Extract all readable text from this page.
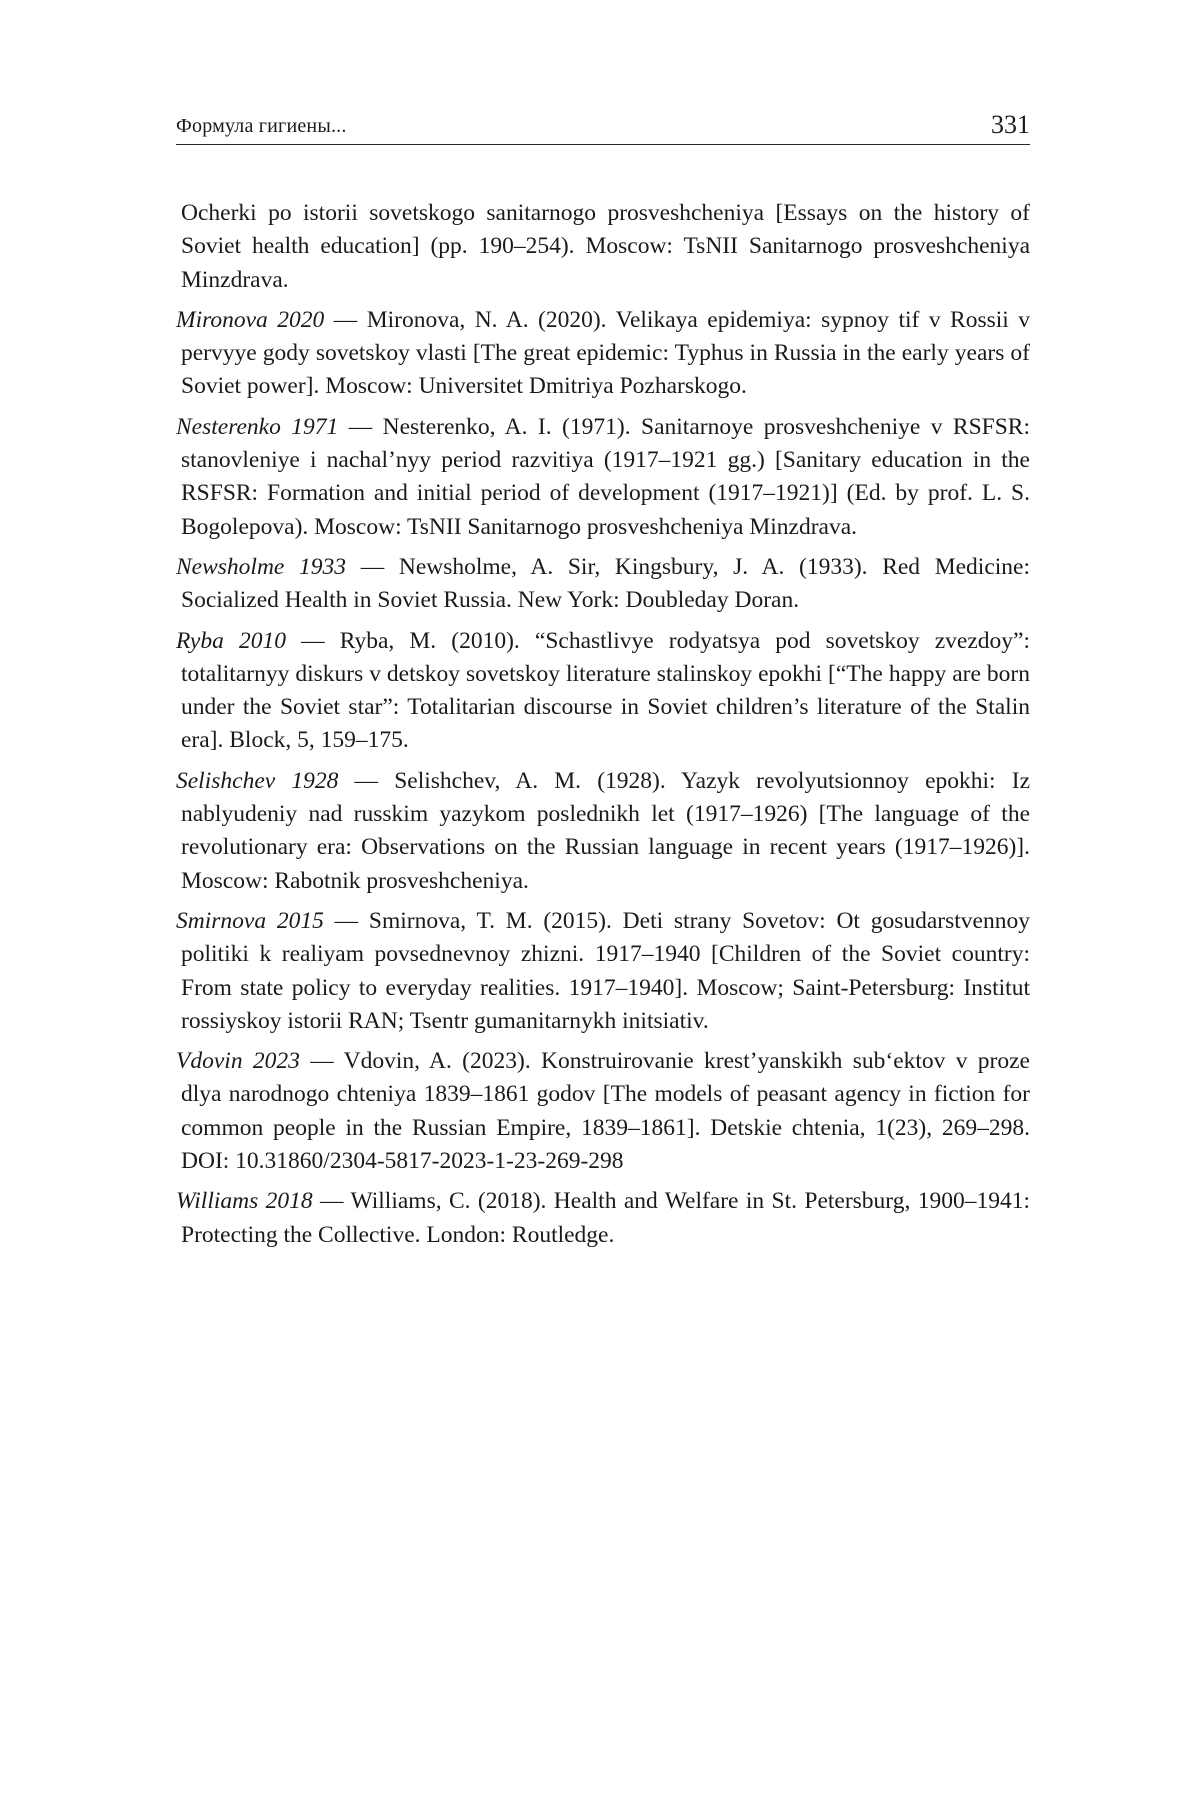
Формула гигиены...	331

Ocherki po istorii sovetskogo sanitarnogo prosveshcheniya [Essays on the history of Soviet health education] (pp. 190–254). Moscow: TsNII Sanitarnogo prosveshcheniya Minzdrava.

Mironova 2020 — Mironova, N. A. (2020). Velikaya epidemiya: sypnoy tif v Rossii v pervyye gody sovetskoy vlasti [The great epidemic: Typhus in Russia in the early years of Soviet power]. Moscow: Universitet Dmitriya Pozharskogo.

Nesterenko 1971 — Nesterenko, A. I. (1971). Sanitarnoye prosveshcheniye v RSFSR: stanovleniye i nachal’nyy period razvitiya (1917–1921 gg.) [Sanitary education in the RSFSR: Formation and initial period of development (1917–1921)] (Ed. by prof. L. S. Bogolepova). Moscow: TsNII Sanitarnogo prosveshcheniya Minzdrava.

Newsholme 1933 — Newsholme, A. Sir, Kingsbury, J. A. (1933). Red Medicine: Socialized Health in Soviet Russia. New York: Doubleday Doran.

Ryba 2010 — Ryba, M. (2010). “Schastlivye rodyatsya pod sovetskoy zvezdoy”: totalitarnyy diskurs v detskoy sovetskoy literature stalinskoy epokhi [“The happy are born under the Soviet star”: Totalitarian discourse in Soviet children’s literature of the Stalin era]. Block, 5, 159–175.

Selishchev 1928 — Selishchev, A. M. (1928). Yazyk revolyutsionnoy epokhi: Iz nablyudeniy nad russkim yazykom poslednikh let (1917–1926) [The language of the revolutionary era: Observations on the Russian language in recent years (1917–1926)]. Moscow: Rabotnik prosveshcheniya.

Smirnova 2015 — Smirnova, T. M. (2015). Deti strany Sovetov: Ot gosudarstvennoy politiki k realiyam povsednevnoy zhizni. 1917–1940 [Children of the Soviet country: From state policy to everyday realities. 1917–1940]. Moscow; Saint-Petersburg: Institut rossiyskoy istorii RAN; Tsentr gumanitarnykh initsiativ.

Vdovin 2023 — Vdovin, A. (2023). Konstruirovanie krest’yanskikh sub‘ektov v proze dlya narodnogo chteniya 1839–1861 godov [The models of peasant agency in fiction for common people in the Russian Empire, 1839–1861]. Detskie chtenia, 1(23), 269–298. DOI: 10.31860/2304-5817-2023-1-23-269-298

Williams 2018 — Williams, C. (2018). Health and Welfare in St. Petersburg, 1900–1941: Protecting the Collective. London: Routledge.
